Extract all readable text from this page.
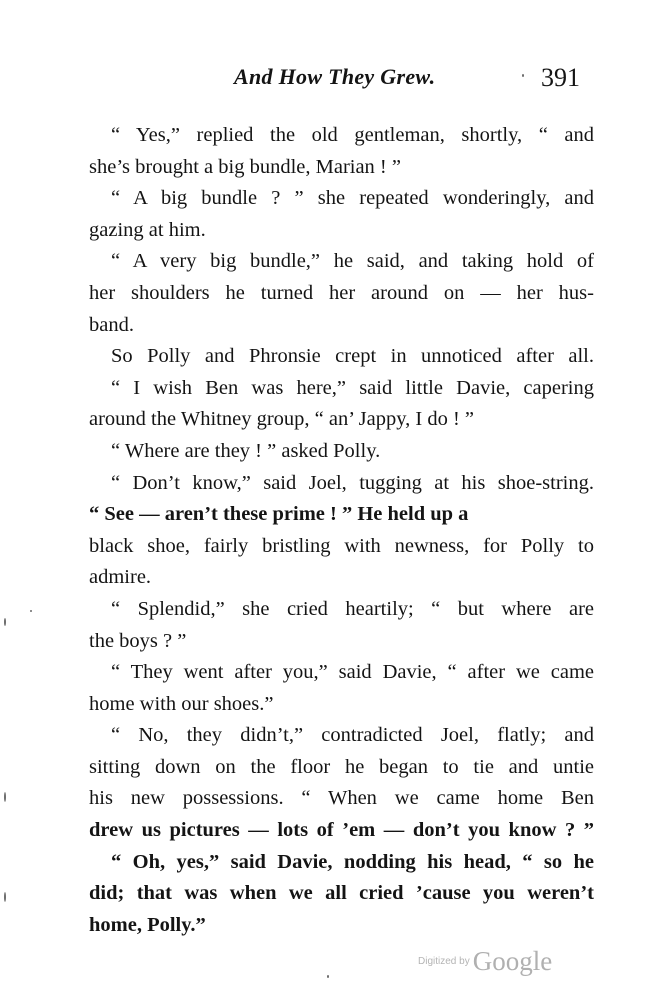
And How They Grew.	391
“ Yes,” replied the old gentleman, shortly, “ and
she’s brought a big bundle, Marian ! ”
“ A big bundle ? ” she repeated wonderingly, and
gazing at him.
“ A very big bundle,” he said, and taking hold of
her shoulders he turned her around on — her hus-
band.
So Polly and Phronsie crept in unnoticed after all.
“ I wish Ben was here,” said little Davie, capering
around the Whitney group, “ an’ Jappy, I do ! ”
“ Where are they ! ” asked Polly.
“ Don’t know,” said Joel, tugging at his shoe-string.
“ See — aren’t these prime ! ” He held up a
black shoe, fairly bristling with newness, for Polly to
admire.
“ Splendid,” she cried heartily; “ but where are
the boys ? ”
“ They went after you,” said Davie, “ after we came
home with our shoes.”
“ No, they didn’t,” contradicted Joel, flatly; and
sitting down on the floor he began to tie and untie
his new possessions. “ When we came home Ben
drew us pictures — lots of ’em — don’t you know ? ”
“ Oh, yes,” said Davie, nodding his head, “ so he
did; that was when we all cried ’cause you weren’t
home, Polly.”
Digitized by Google
